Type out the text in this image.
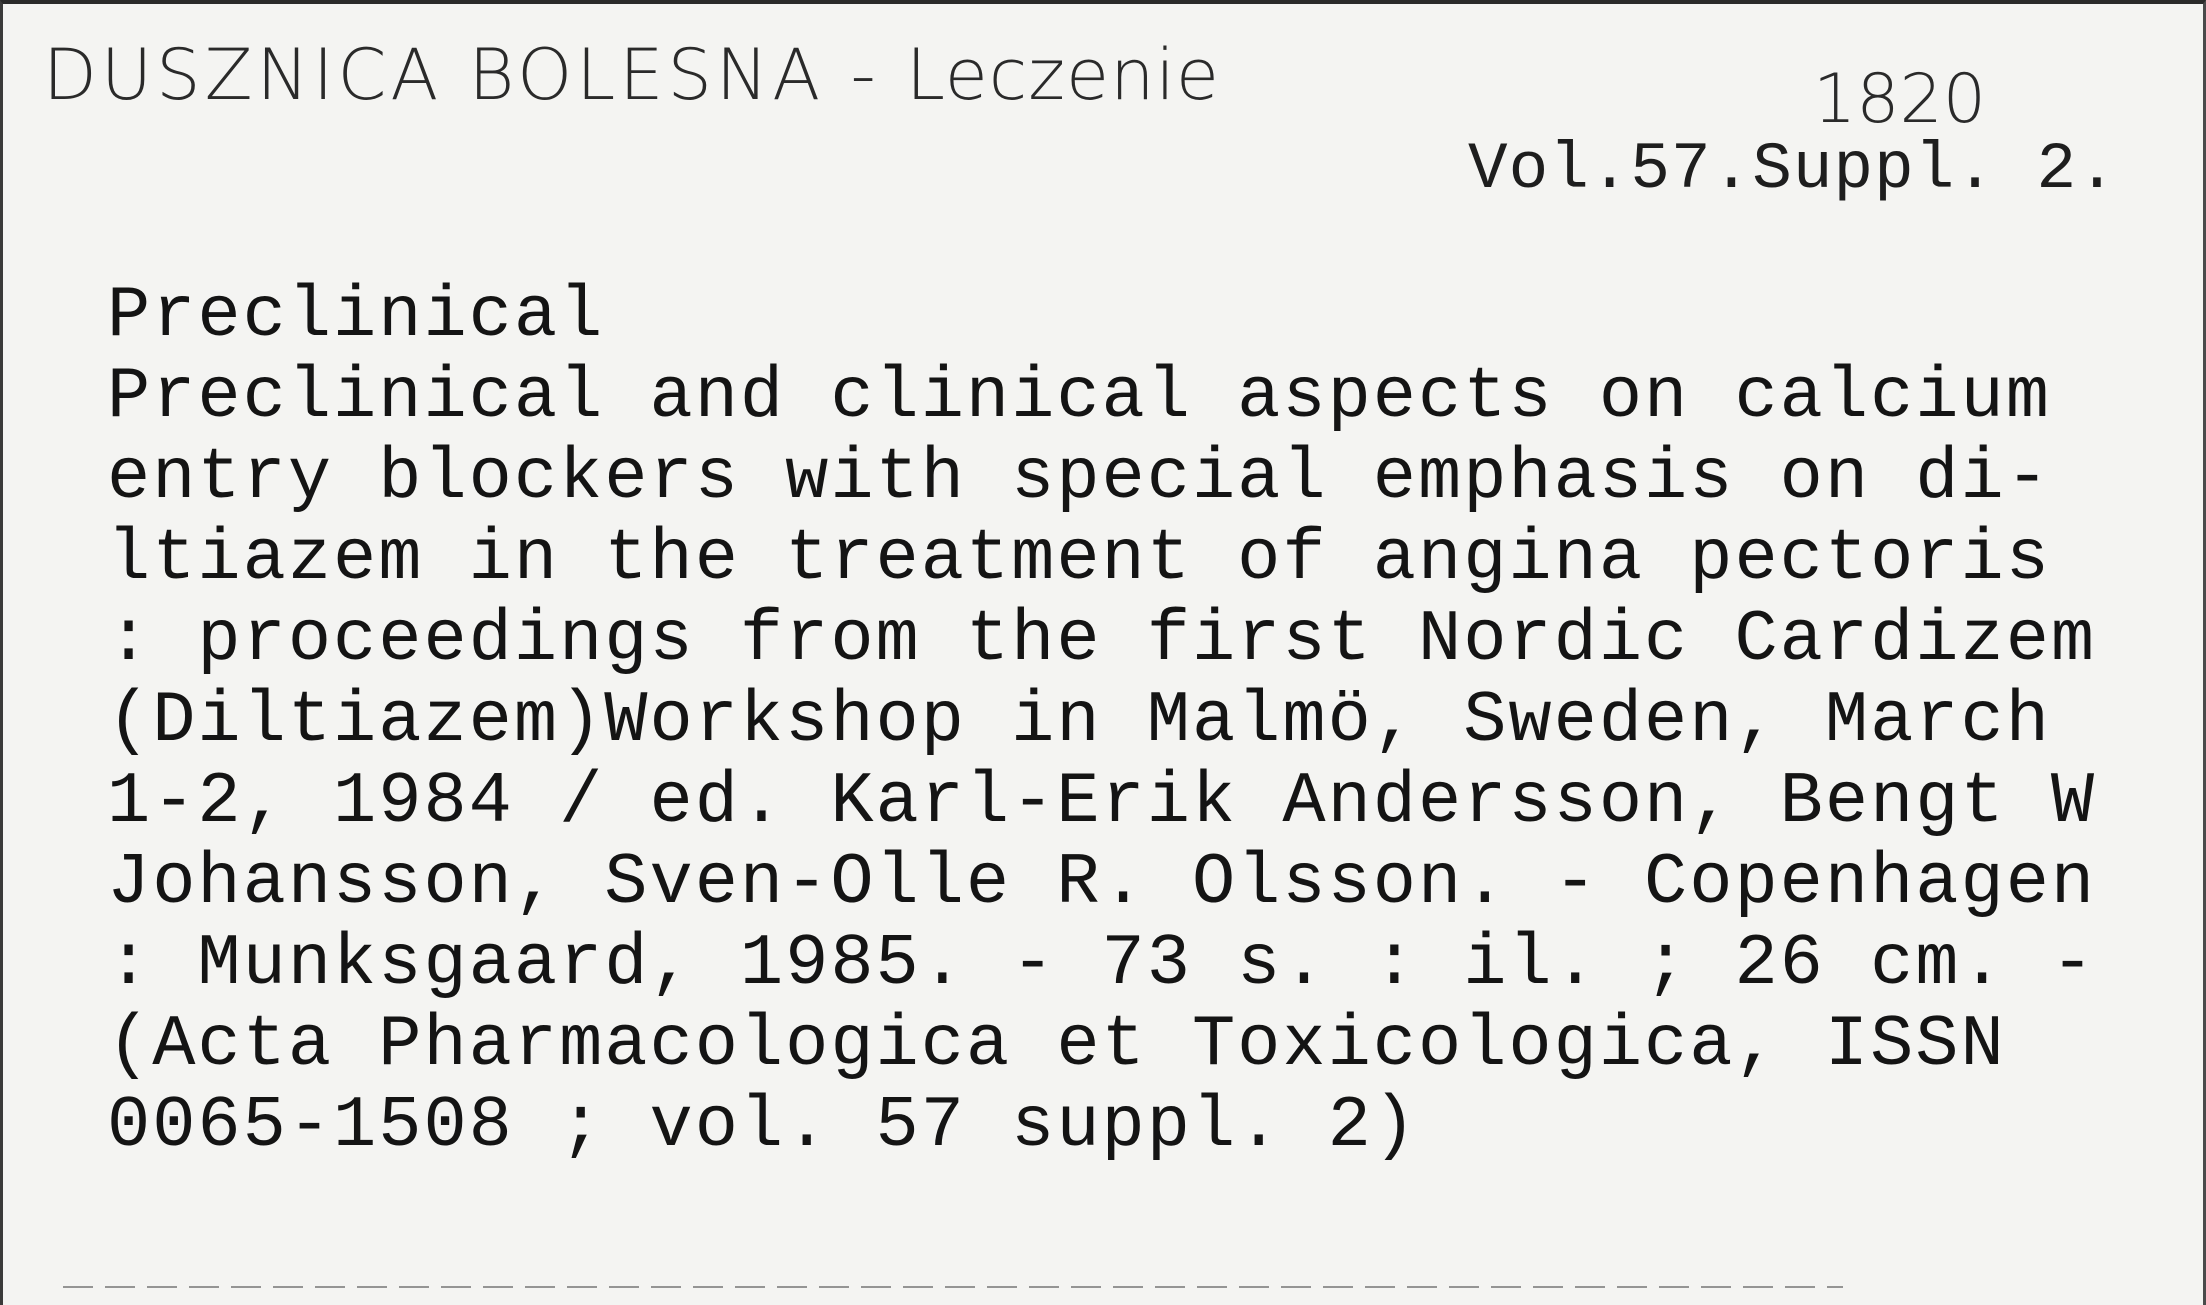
DUSZNICA BOLESNA - Leczenie	1820
Vol.57.Suppl. 2.
Preclinical
Preclinical and clinical aspects on calcium
entry blockers with special emphasis on di-
ltiazem in the treatment of angina pectoris
: proceedings from the first Nordic Cardizem
(Diltiazem)Workshop in Malmö, Sweden, March
1-2, 1984 / ed. Karl-Erik Andersson, Bengt W
Johansson, Sven-Olle R. Olsson. - Copenhagen
: Munksgaard, 1985. - 73 s. : il. ; 26 cm. -
(Acta Pharmacologica et Toxicologica, ISSN
0065-1508 ; vol. 57 suppl. 2)
